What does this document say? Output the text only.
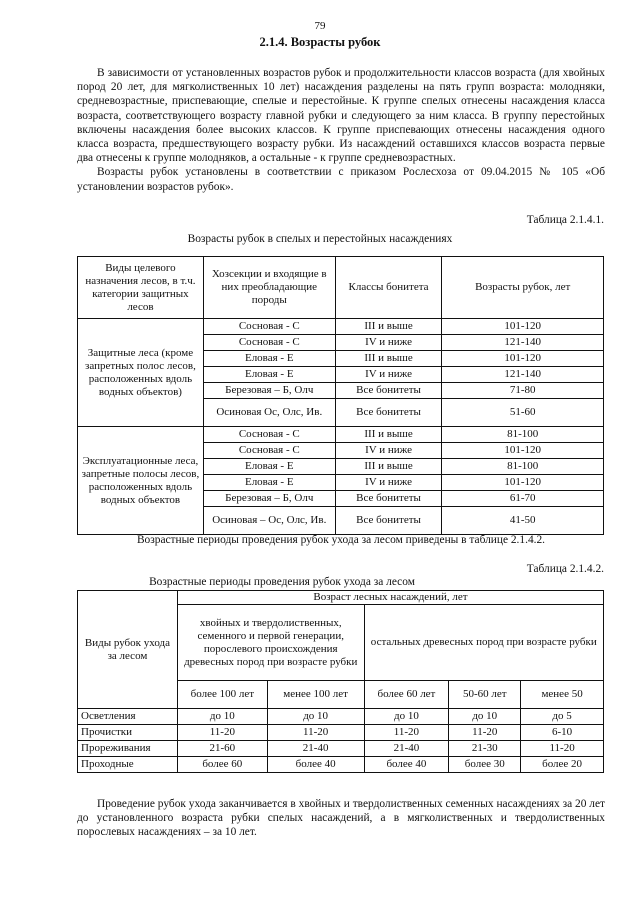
79
2.1.4. Возрасты рубок

В зависимости от установленных возрастов рубок и продолжительности классов возраста (для хвойных пород 20 лет, для мягколиственных 10 лет) насаждения разделены на пять групп возраста: молодняки, средневозрастные, приспевающие, спелые и перестойные. К группе спелых отнесены насаждения класса возраста, соответствующего возрасту главной рубки и следующего за ним класса. В группу перестойных включены насаждения более высоких классов. К группе приспевающих отнесены насаждения одного класса возраста, предшествующего возрасту рубки. Из насаждений оставшихся классов возраста первые два отнесены к группе молодняков, а остальные - к группе средневозрастных.

Возрасты рубок установлены в соответствии с приказом Рослесхоза от 09.04.2015 № 105 «Об установлении возрастов рубок».

Таблица 2.1.4.1.
Возрасты рубок в спелых и перестойных насаждениях
Виды целевого назначения лесов, в т.ч. категории защитных лесов	Хозсекции и входящие в них преобладающие породы	Классы бонитета	Возрасты рубок, лет
Защитные леса (кроме запретных полос лесов, расположенных вдоль водных объектов)	Сосновая - С	III и выше	101-120
	Сосновая - С	IV и ниже	121-140
	Еловая - Е	III и выше	101-120
	Еловая - Е	IV и ниже	121-140
	Березовая – Б, Олч	Все бонитеты	71-80
	Осиновая Ос, Олс, Ив.	Все бонитеты	51-60
Эксплуатационные леса, запретные полосы лесов, расположенных вдоль водных объектов	Сосновая - С	III и выше	81-100
	Сосновая - С	IV и ниже	101-120
	Еловая - Е	III и выше	81-100
	Еловая - Е	IV и ниже	101-120
	Березовая – Б, Олч	Все бонитеты	61-70
	Осиновая – Ос, Олс, Ив.	Все бонитеты	41-50
Возрастные периоды проведения рубок ухода за лесом приведены в таблице 2.1.4.2.
Таблица 2.1.4.2.
Возрастные периоды проведения рубок ухода за лесом
Виды рубок ухода за лесом	Возраст лесных насаждений, лет				
	хвойных и твердолиственных, семенного и первой генерации, порослевого происхождения древесных пород при возрасте рубки		остальных древесных пород при возрасте рубки		
	более 100 лет	менее 100 лет	более 60 лет	50-60 лет	менее 50
Осветления	до 10	до 10	до 10	до 10	до 5
Прочистки	11-20	11-20	11-20	11-20	6-10
Прореживания	21-60	21-40	21-40	21-30	11-20
Проходные	более 60	более 40	более 40	более 30	более 20

Проведение рубок ухода заканчивается в хвойных и твердолиственных семенных насаждениях за 20 лет до установленного возраста рубки спелых насаждений, а в мягколиственных и твердолиственных порослевых насаждениях – за 10 лет.
